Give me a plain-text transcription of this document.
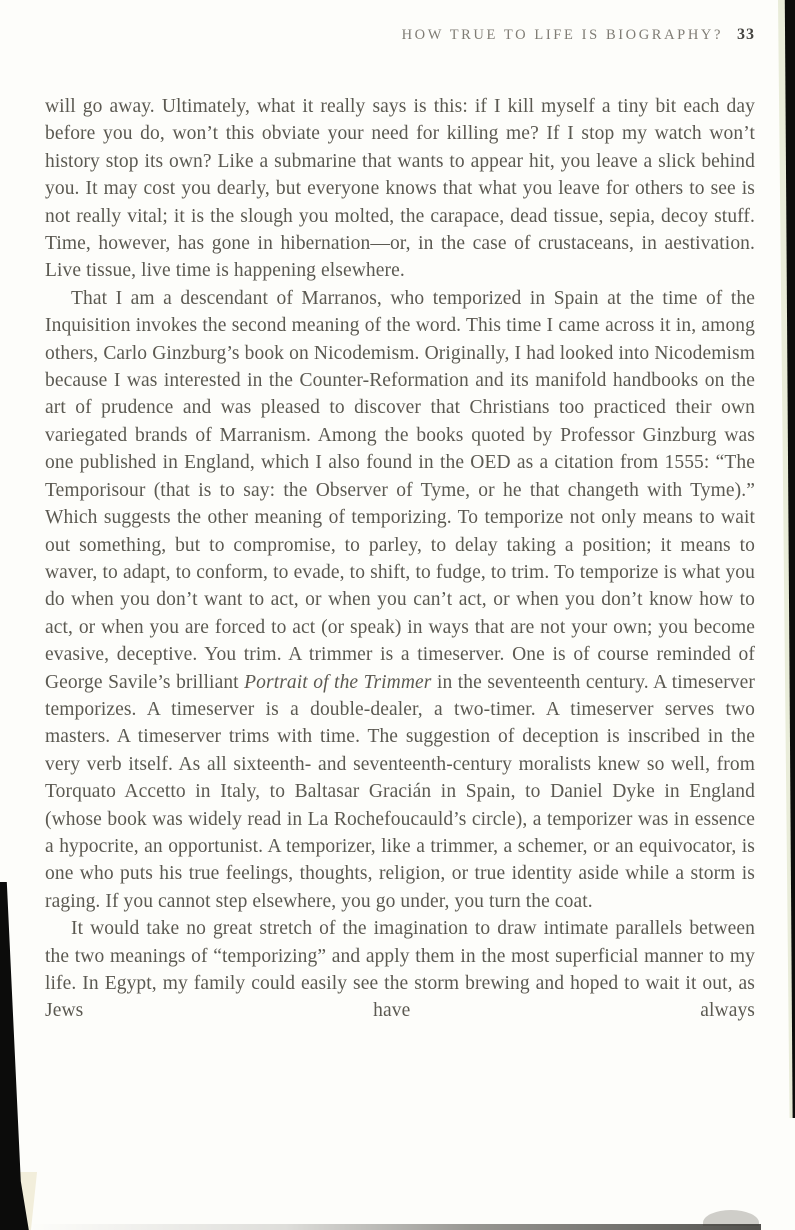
HOW TRUE TO LIFE IS BIOGRAPHY? 33

will go away. Ultimately, what it really says is this: if I kill myself a tiny bit each day before you do, won’t this obviate your need for killing me? If I stop my watch won’t history stop its own? Like a submarine that wants to appear hit, you leave a slick behind you. It may cost you dearly, but everyone knows that what you leave for others to see is not really vital; it is the slough you molted, the carapace, dead tissue, sepia, decoy stuff. Time, however, has gone in hibernation—or, in the case of crustaceans, in aestivation. Live tissue, live time is happening elsewhere.

That I am a descendant of Marranos, who temporized in Spain at the time of the Inquisition invokes the second meaning of the word. This time I came across it in, among others, Carlo Ginzburg’s book on Nicodemism. Originally, I had looked into Nicodemism because I was interested in the Counter-Reformation and its manifold handbooks on the art of prudence and was pleased to discover that Christians too practiced their own variegated brands of Marranism. Among the books quoted by Professor Ginzburg was one published in England, which I also found in the OED as a citation from 1555: “The Temporisour (that is to say: the Observer of Tyme, or he that changeth with Tyme).” Which suggests the other meaning of temporizing. To temporize not only means to wait out something, but to compromise, to parley, to delay taking a position; it means to waver, to adapt, to conform, to evade, to shift, to fudge, to trim. To temporize is what you do when you don’t want to act, or when you can’t act, or when you don’t know how to act, or when you are forced to act (or speak) in ways that are not your own; you become evasive, deceptive. You trim. A trimmer is a timeserver. One is of course reminded of George Savile’s brilliant Portrait of the Trimmer in the seventeenth century. A timeserver temporizes. A timeserver is a double-dealer, a two-timer. A timeserver serves two masters. A timeserver trims with time. The suggestion of deception is inscribed in the very verb itself. As all sixteenth- and seventeenth-century moralists knew so well, from Torquato Accetto in Italy, to Baltasar Gracián in Spain, to Daniel Dyke in England (whose book was widely read in La Rochefoucauld’s circle), a temporizer was in essence a hypocrite, an opportunist. A temporizer, like a trimmer, a schemer, or an equivocator, is one who puts his true feelings, thoughts, religion, or true identity aside while a storm is raging. If you cannot step elsewhere, you go under, you turn the coat.

It would take no great stretch of the imagination to draw intimate parallels between the two meanings of “temporizing” and apply them in the most superficial manner to my life. In Egypt, my family could easily see the storm brewing and hoped to wait it out, as Jews have always
